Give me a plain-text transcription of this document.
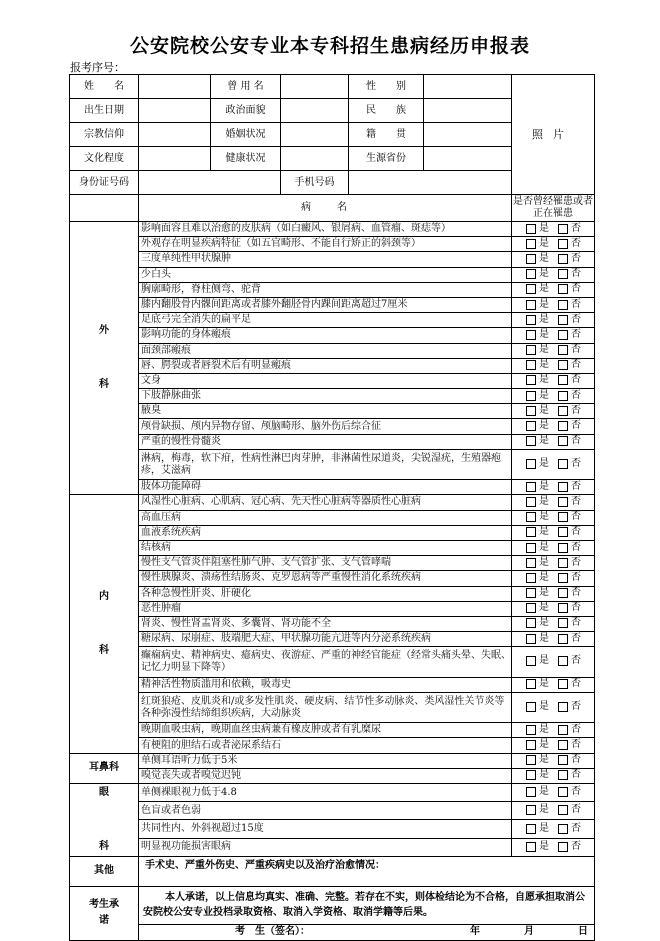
公安院校公安专业本专科招生患病经历申报表
报考序号：
姓　　名		曾 用 名		性　　别		照片
出生日期		政治面貌		民　　族		
宗教信仰		婚姻状况		籍　　贯		
文化程度		健康状况		生源省份		
身份证号码			手机号码			
	病　　名					是否曾经罹患或者正在罹患
外

科	影响面容且难以治愈的皮肤病（如白癜风、银屑病、血管瘤、斑痣等）					是 否
	外观存在明显疾病特征（如五官畸形、不能自行矫正的斜颈等）					是 否
	三度单纯性甲状腺肿					是 否
	少白头					是 否
	胸廓畸形，脊柱侧弯、驼背					是 否
	膝内翻股骨内髁间距离或者膝外翻胫骨内踝间距离超过7厘米					是 否
	足底弓完全消失的扁平足					是 否
	影响功能的身体瘢痕					是 否
	面颈部瘢痕					是 否
	唇、腭裂或者唇裂术后有明显瘢痕					是 否
	文身					是 否
	下肢静脉曲张					是 否
	腋臭					是 否
	颅骨缺损、颅内异物存留、颅脑畸形、脑外伤后综合征					是 否
	严重的慢性骨髓炎					是 否
	淋病，梅毒，软下疳，性病性淋巴肉芽肿，非淋菌性尿道炎，尖锐湿疣，生殖器疱疹，艾滋病					是 否
	肢体功能障碍					是 否
内

科	风湿性心脏病、心肌病、冠心病、先天性心脏病等器质性心脏病					是 否
	高血压病					是 否
	血液系统疾病					是 否
	结核病					是 否
	慢性支气管炎伴阻塞性肺气肿、支气管扩张、支气管哮喘					是 否
	慢性胰腺炎、溃疡性结肠炎、克罗恩病等严重慢性消化系统疾病					是 否
	各种急慢性肝炎、肝硬化					是 否
	恶性肿瘤					是 否
	肾炎、慢性肾盂肾炎、多囊肾、肾功能不全					是 否
	糖尿病、尿崩症、肢端肥大症、甲状腺功能亢进等内分泌系统疾病					是 否
	癫痫病史、精神病史、癔病史、夜游症、严重的神经官能症（经常头痛头晕、失眠、记忆力明显下降等）					是 否
	精神活性物质滥用和依赖，吸毒史					是 否
	红斑狼疮、皮肌炎和/或多发性肌炎、硬皮病、结节性多动脉炎、类风湿性关节炎等各种弥漫性结缔组织疾病，大动脉炎					是 否
	晚期血吸虫病，晚期血丝虫病兼有橡皮肿或者有乳糜尿					是 否
	有梗阻的胆结石或者泌尿系结石					是 否
耳鼻科	单侧耳语听力低于5米					是 否
	嗅觉丧失或者嗅觉迟钝					是 否
眼

科	单侧裸眼视力低于4.8					是 否
	色盲或者色弱					是 否
	共同性内、外斜视超过15度					是 否
	明显视功能损害眼病					是 否
其他	手术史、严重外伤史、严重疾病史以及治疗治愈情况：					
考生承诺	本人承诺，以上信息均真实、准确、完整。若存在不实，则体检结论为不合格，自愿承担取消公安院校公安专业投档录取资格、取消入学资格、取消学籍等后果。					
	考　生（签名）： 年 月 日					
